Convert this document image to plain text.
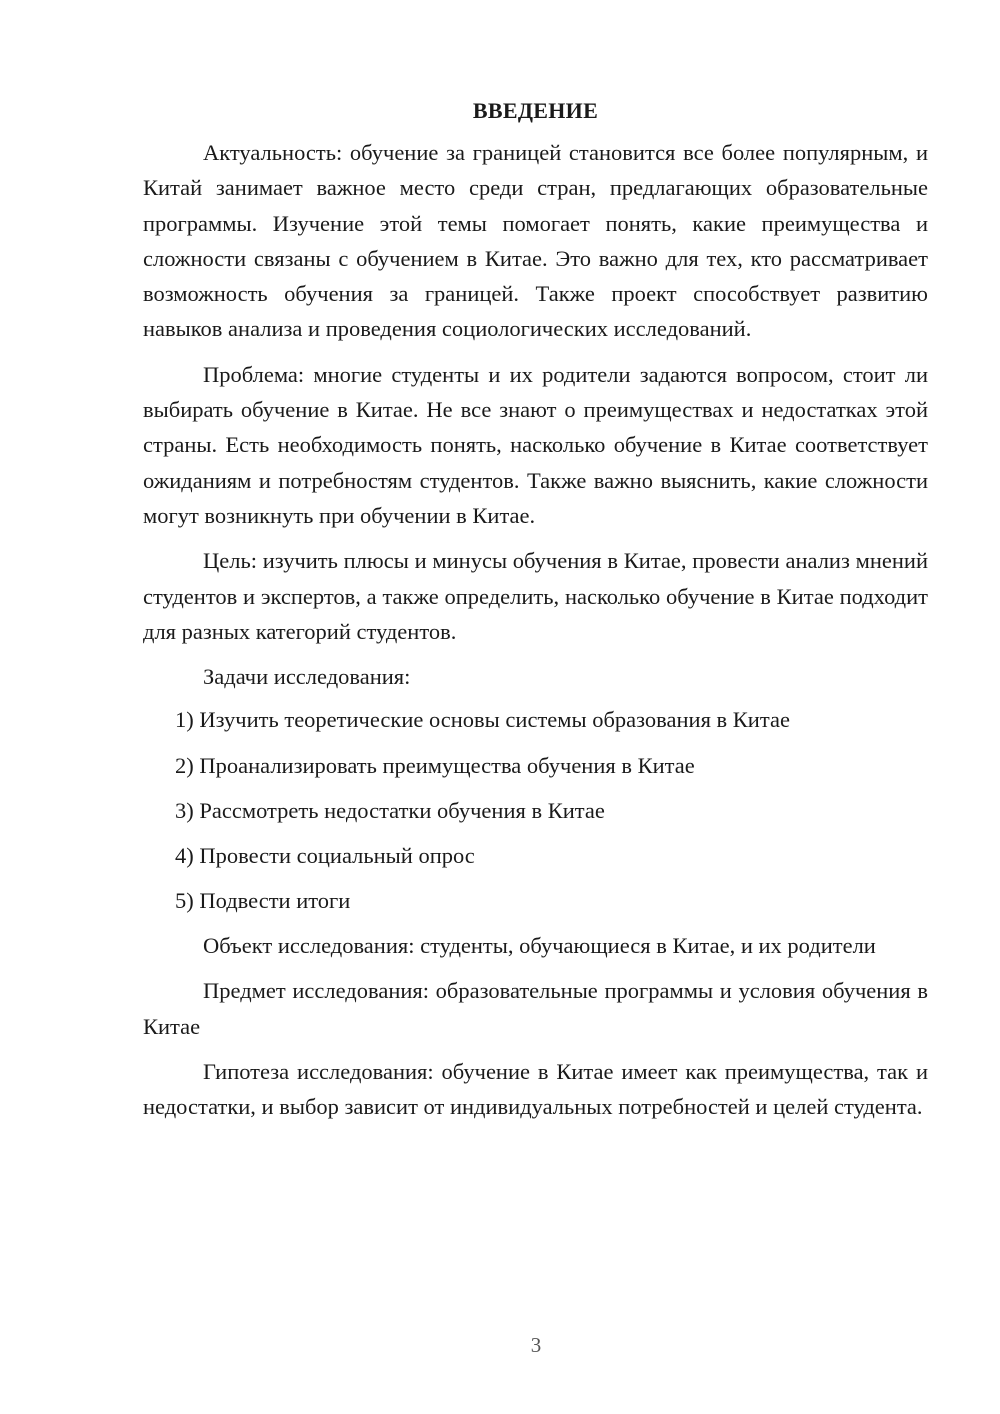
ВВЕДЕНИЕ

Актуальность: обучение за границей становится все более популярным, и Китай занимает важное место среди стран, предлагающих образовательные программы. Изучение этой темы помогает понять, какие преимущества и сложности связаны с обучением в Китае. Это важно для тех, кто рассматривает возможность обучения за границей. Также проект способствует развитию навыков анализа и проведения социологических исследований.

Проблема: многие студенты и их родители задаются вопросом, стоит ли выбирать обучение в Китае. Не все знают о преимуществах и недостатках этой страны. Есть необходимость понять, насколько обучение в Китае соответствует ожиданиям и потребностям студентов. Также важно выяснить, какие сложности могут возникнуть при обучении в Китае.

Цель: изучить плюсы и минусы обучения в Китае, провести анализ мнений студентов и экспертов, а также определить, насколько обучение в Китае подходит для разных категорий студентов.

Задачи исследования:

1) Изучить теоретические основы системы образования в Китае
2) Проанализировать преимущества обучения в Китае
3) Рассмотреть недостатки обучения в Китае
4) Провести социальный опрос
5) Подвести итоги

Объект исследования: студенты, обучающиеся в Китае, и их родители

Предмет исследования: образовательные программы и условия обучения в Китае

Гипотеза исследования: обучение в Китае имеет как преимущества, так и недостатки, и выбор зависит от индивидуальных потребностей и целей студента.

3
